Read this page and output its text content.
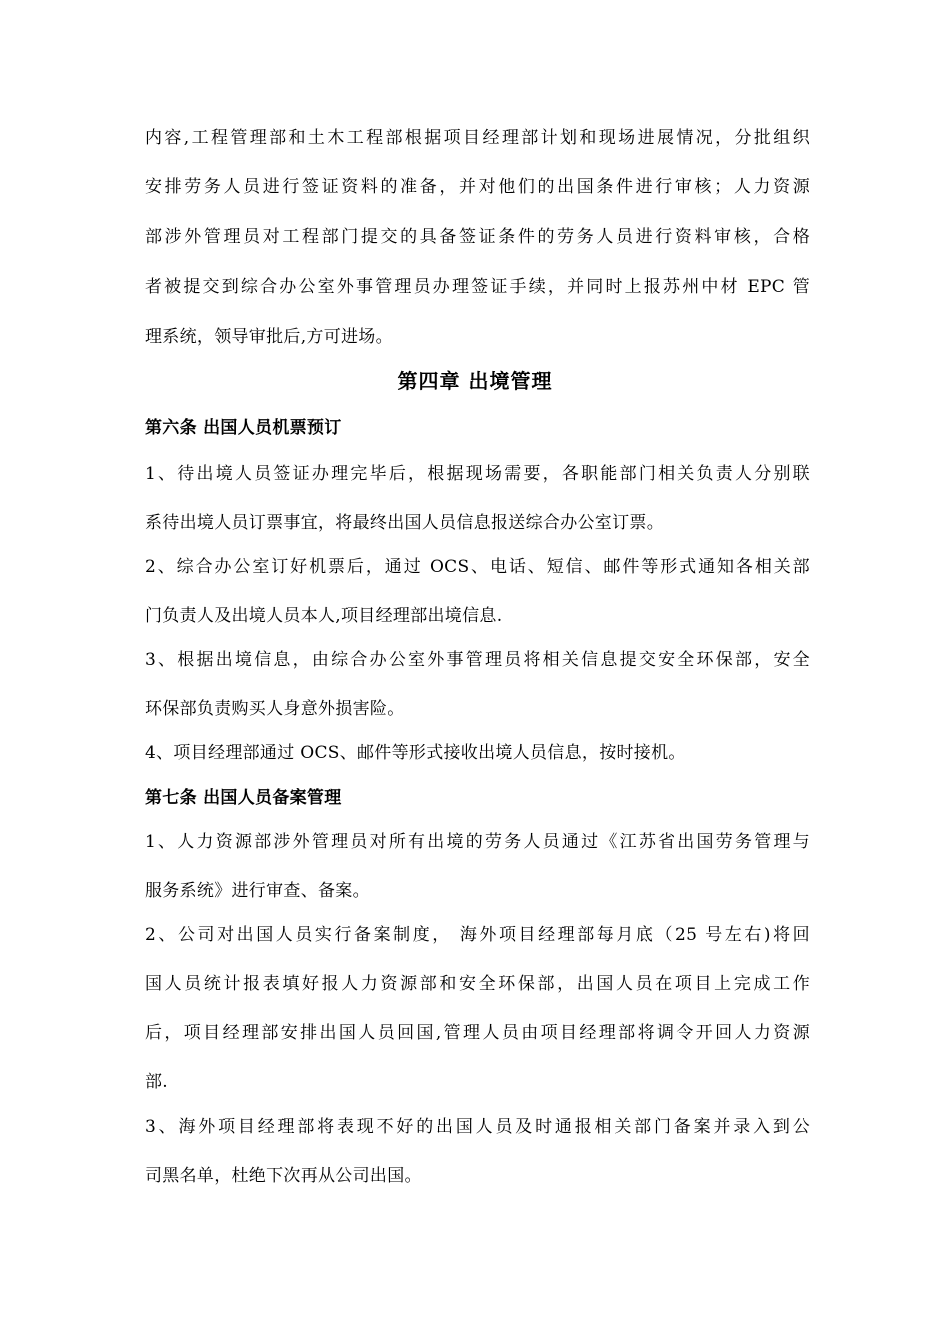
内容,工程管理部和土木工程部根据项目经理部计划和现场进展情况，分批组织
安排劳务人员进行签证资料的准备，并对他们的出国条件进行审核；人力资源
部涉外管理员对工程部门提交的具备签证条件的劳务人员进行资料审核，合格
者被提交到综合办公室外事管理员办理签证手续，并同时上报苏州中材 EPC 管
理系统，领导审批后,方可进场。
第四章 出境管理
第六条 出国人员机票预订
1、待出境人员签证办理完毕后，根据现场需要，各职能部门相关负责人分别联
系待出境人员订票事宜，将最终出国人员信息报送综合办公室订票。
2、综合办公室订好机票后，通过 OCS、电话、短信、邮件等形式通知各相关部
门负责人及出境人员本人,项目经理部出境信息.
3、根据出境信息，由综合办公室外事管理员将相关信息提交安全环保部，安全
环保部负责购买人身意外损害险。
4、项目经理部通过 OCS、邮件等形式接收出境人员信息，按时接机。
第七条 出国人员备案管理
1、人力资源部涉外管理员对所有出境的劳务人员通过《江苏省出国劳务管理与
服务系统》进行审查、备案。
2、公司对出国人员实行备案制度， 海外项目经理部每月底（25 号左右)将回
国人员统计报表填好报人力资源部和安全环保部，出国人员在项目上完成工作
后，项目经理部安排出国人员回国,管理人员由项目经理部将调令开回人力资源
部.
3、海外项目经理部将表现不好的出国人员及时通报相关部门备案并录入到公
司黑名单，杜绝下次再从公司出国。
